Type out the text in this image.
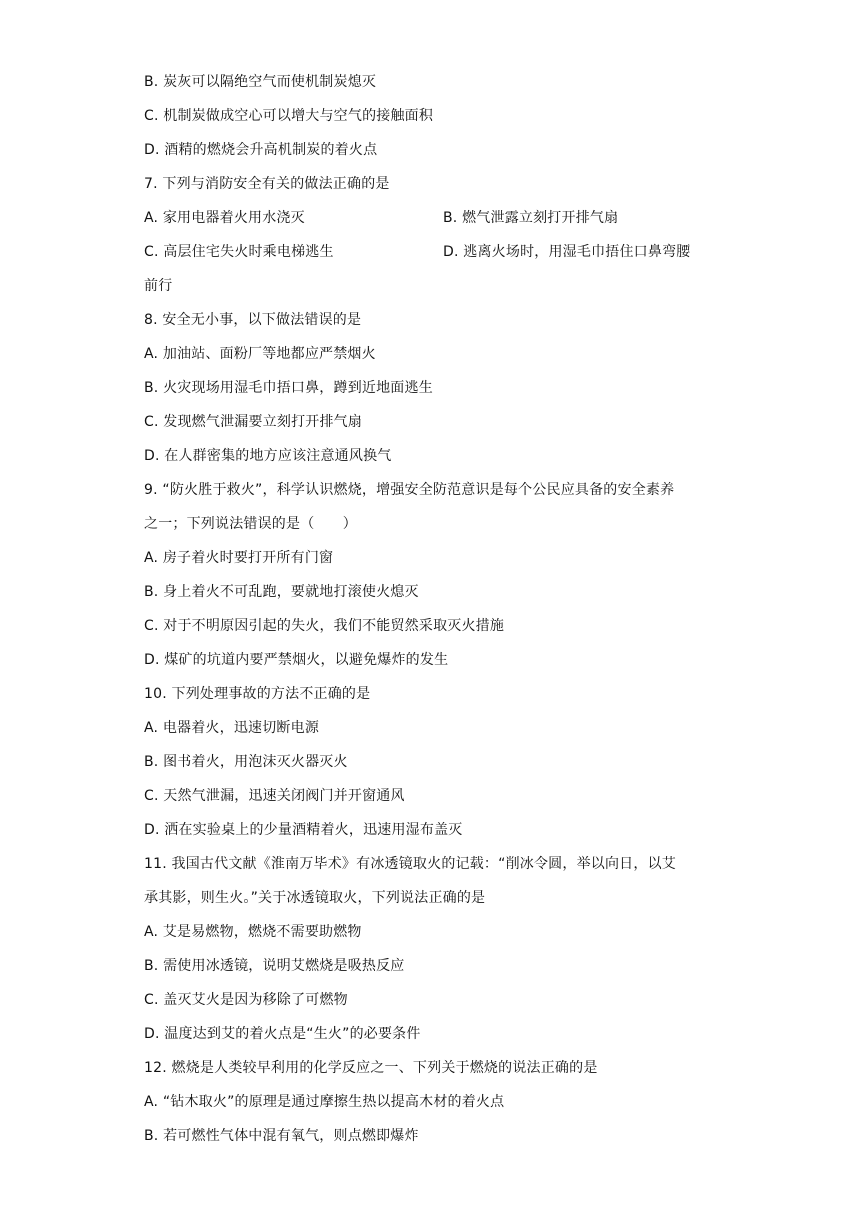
B. 炭灰可以隔绝空气而使机制炭熄灭
C. 机制炭做成空心可以增大与空气的接触面积
D. 酒精的燃烧会升高机制炭的着火点
7. 下列与消防安全有关的做法正确的是
A. 家用电器着火用水浇灭	B. 燃气泄露立刻打开排气扇
C. 高层住宅失火时乘电梯逃生	D. 逃离火场时，用湿毛巾捂住口鼻弯腰
前行
8. 安全无小事，以下做法错误的是
A. 加油站、面粉厂等地都应严禁烟火
B. 火灾现场用湿毛巾捂口鼻，蹲到近地面逃生
C. 发现燃气泄漏要立刻打开排气扇
D. 在人群密集的地方应该注意通风换气
9. “防火胜于救火”，科学认识燃烧，增强安全防范意识是每个公民应具备的安全素养
之一；下列说法错误的是（　　）
A. 房子着火时要打开所有门窗
B. 身上着火不可乱跑，要就地打滚使火熄灭
C. 对于不明原因引起的失火，我们不能贸然采取灭火措施
D. 煤矿的坑道内要严禁烟火，以避免爆炸的发生
10. 下列处理事故的方法不正确的是
A. 电器着火，迅速切断电源
B. 图书着火，用泡沫灭火器灭火
C. 天然气泄漏，迅速关闭阀门并开窗通风
D. 洒在实验桌上的少量酒精着火，迅速用湿布盖灭
11. 我国古代文献《淮南万毕术》有冰透镜取火的记载：“削冰令圆，举以向日，以艾
承其影，则生火。”关于冰透镜取火，下列说法正确的是
A. 艾是易燃物，燃烧不需要助燃物
B. 需使用冰透镜，说明艾燃烧是吸热反应
C. 盖灭艾火是因为移除了可燃物
D. 温度达到艾的着火点是“生火”的必要条件
12. 燃烧是人类较早利用的化学反应之一、下列关于燃烧的说法正确的是
A. “钻木取火”的原理是通过摩擦生热以提高木材的着火点
B. 若可燃性气体中混有氧气，则点燃即爆炸
